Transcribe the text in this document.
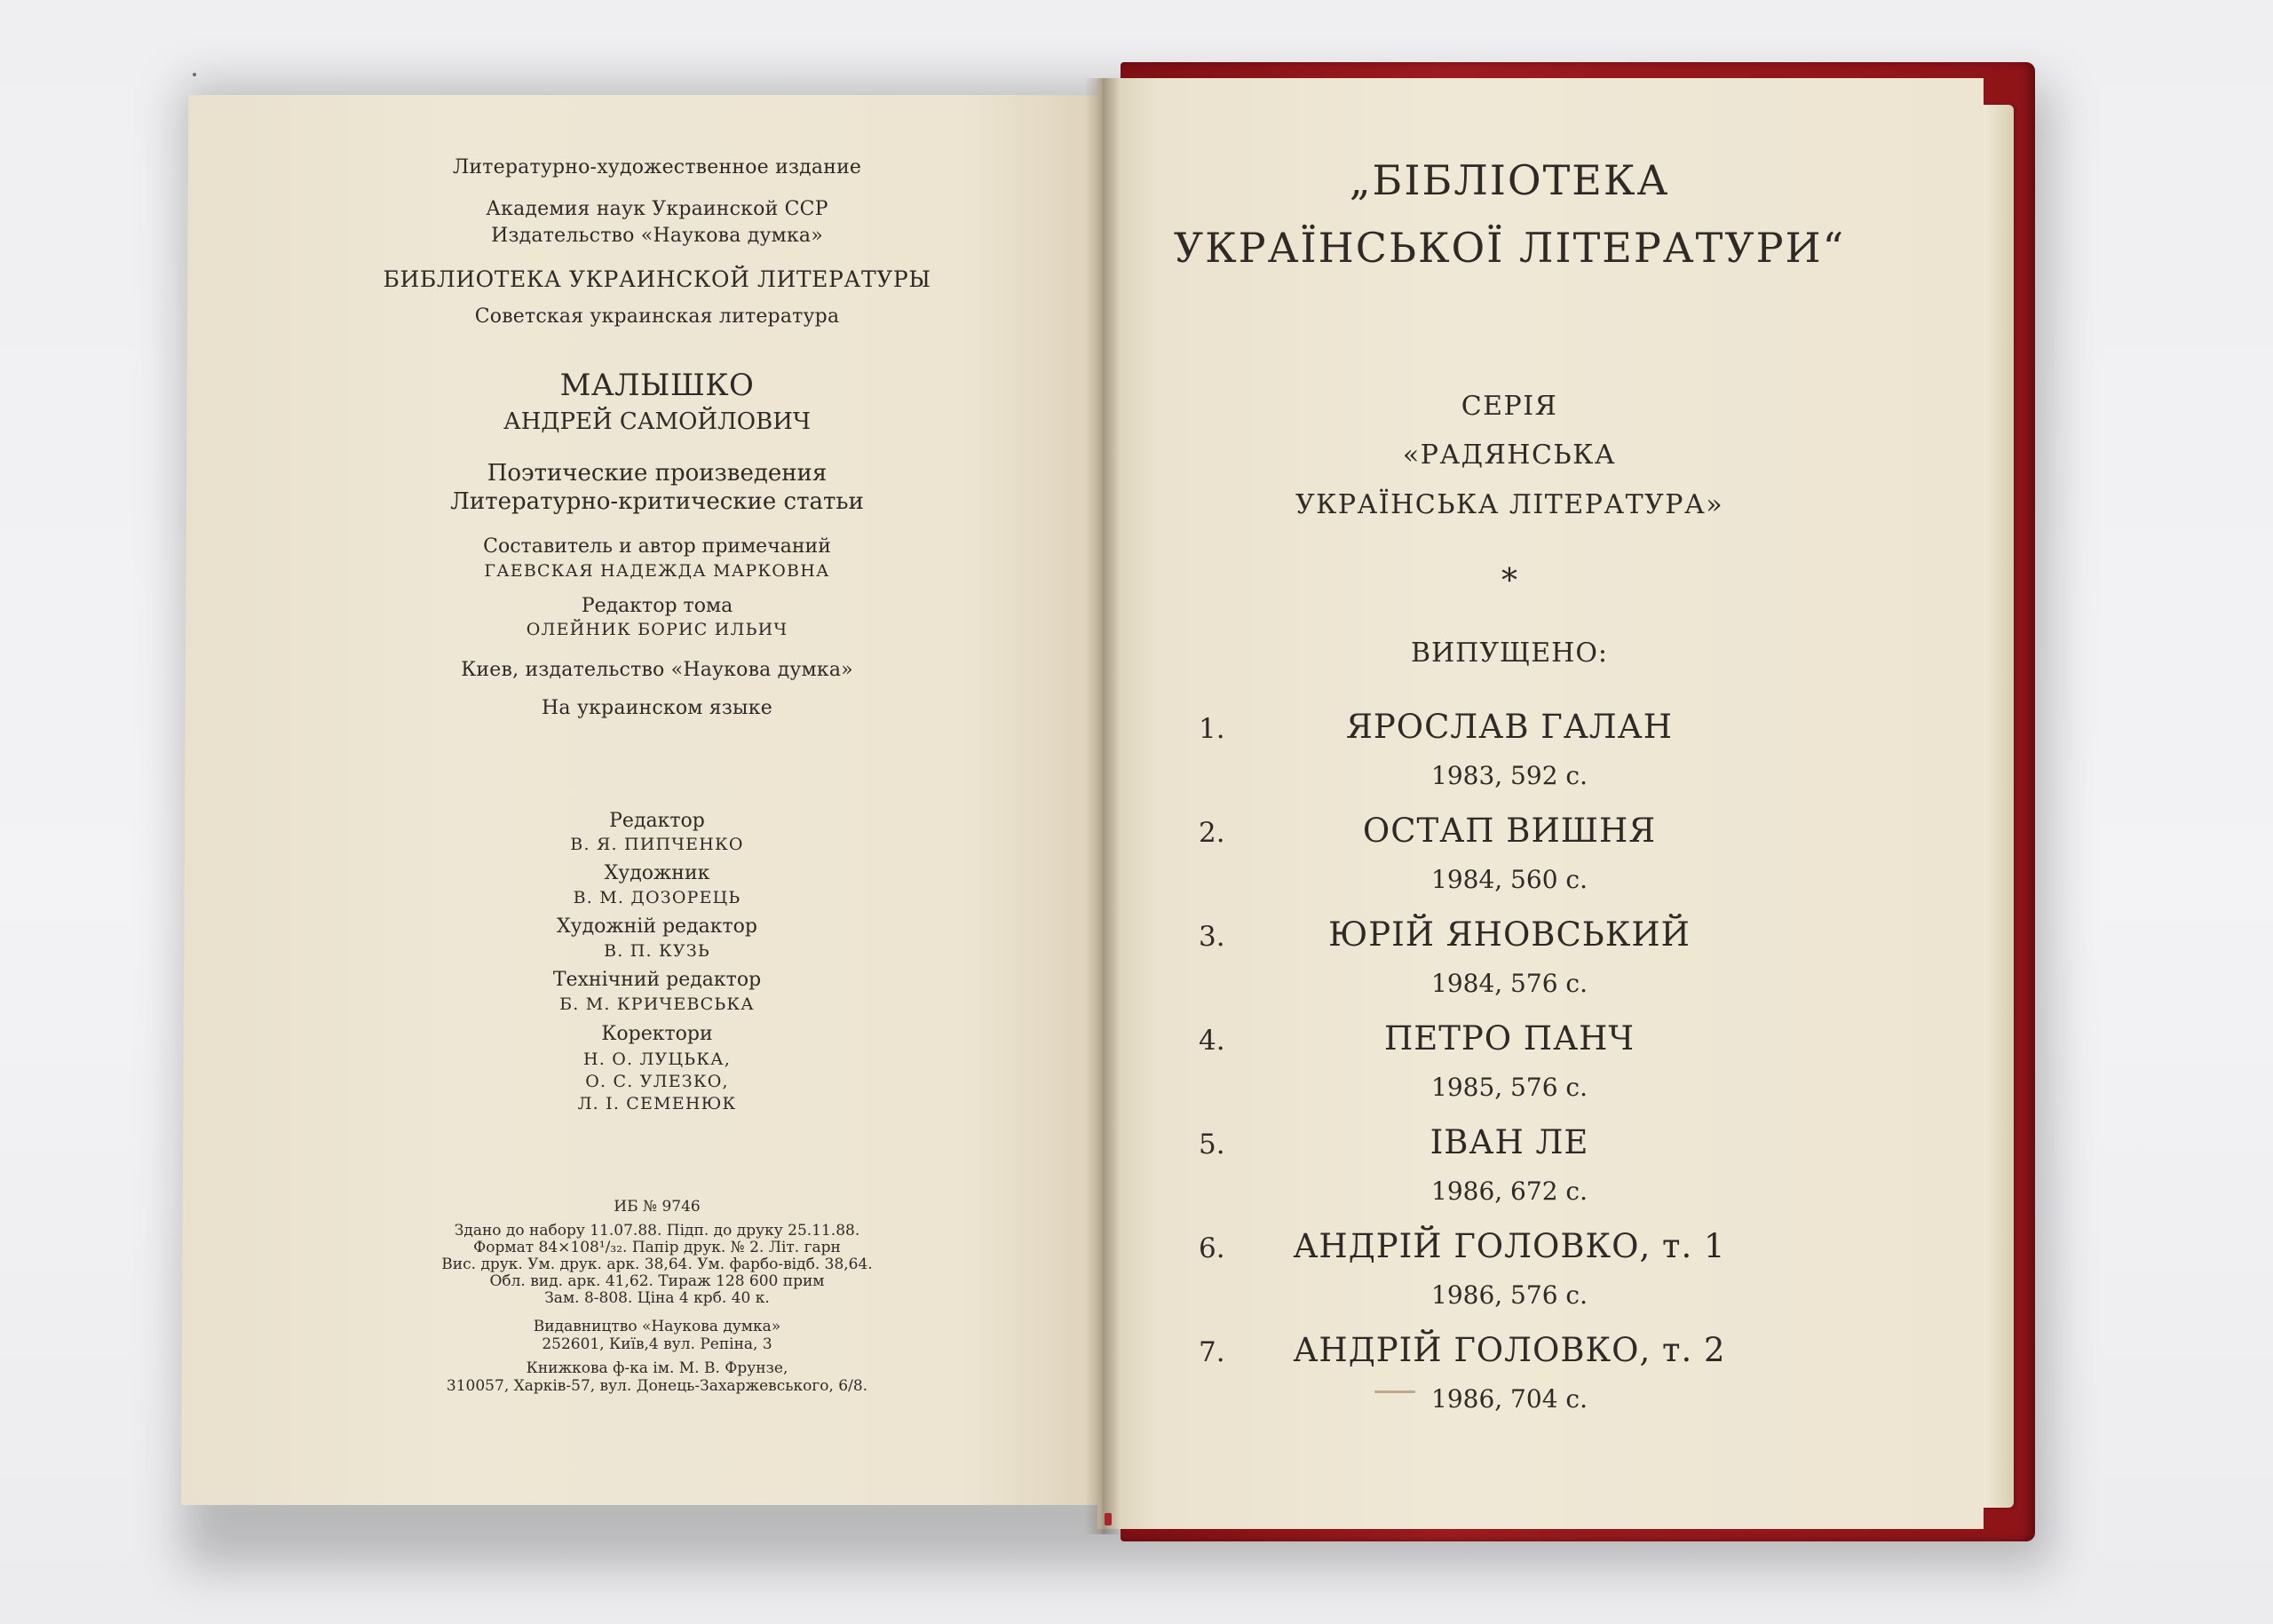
Литературно-художественное издание
Академия наук Украинской ССР
Издательство «Наукова думка»
БИБЛИОТЕКА УКРАИНСКОЙ ЛИТЕРАТУРЫ
Советская украинская литература
МАЛЫШКО
АНДРЕЙ САМОЙЛОВИЧ
Поэтические произведения
Литературно-критические статьи
Составитель и автор примечаний
ГАЕВСКАЯ НАДЕЖДА МАРКОВНА
Редактор тома
ОЛЕЙНИК БОРИС ИЛЬИЧ
Киев, издательство «Наукова думка»
На украинском языке
Редактор
В. Я. ПИПЧЕНКО
Художник
В. М. ДОЗОРЕЦЬ
Художній редактор
В. П. КУЗЬ
Технічний редактор
Б. М. КРИЧЕВСЬКА
Коректори
Н. О. ЛУЦЬКА,
О. С. УЛЕЗКО,
Л. І. СЕМЕНЮК
ИБ № 9746
Здано до набору 11.07.88. Підп. до друку 25.11.88.
Формат 84×108¹/₃₂. Папір друк. № 2. Літ. гарн
Вис. друк. Ум. друк. арк. 38,64. Ум. фарбо-відб. 38,64.
Обл. вид. арк. 41,62. Тираж 128 600 прим
Зам. 8-808. Ціна 4 крб. 40 к.
Видавництво «Наукова думка»
252601, Київ,4 вул. Репіна, 3
Книжкова ф-ка ім. М. В. Фрунзе,
310057, Харків-57, вул. Донець-Захаржевського, 6/8.
„БІБЛІОТЕКА
УКРАЇНСЬКОЇ ЛІТЕРАТУРИ“
СЕРІЯ
«РАДЯНСЬКА
УКРАЇНСЬКА ЛІТЕРАТУРА»
*
ВИПУЩЕНО:
1.	ЯРОСЛАВ ГАЛАН
1983, 592 с.
2.	ОСТАП ВИШНЯ
1984, 560 с.
3.	ЮРІЙ ЯНОВСЬКИЙ
1984, 576 с.
4.	ПЕТРО ПАНЧ
1985, 576 с.
5.	ІВАН ЛЕ
1986, 672 с.
6.	АНДРІЙ ГОЛОВКО, т. 1
1986, 576 с.
7.	АНДРІЙ ГОЛОВКО, т. 2
1986, 704 с.
